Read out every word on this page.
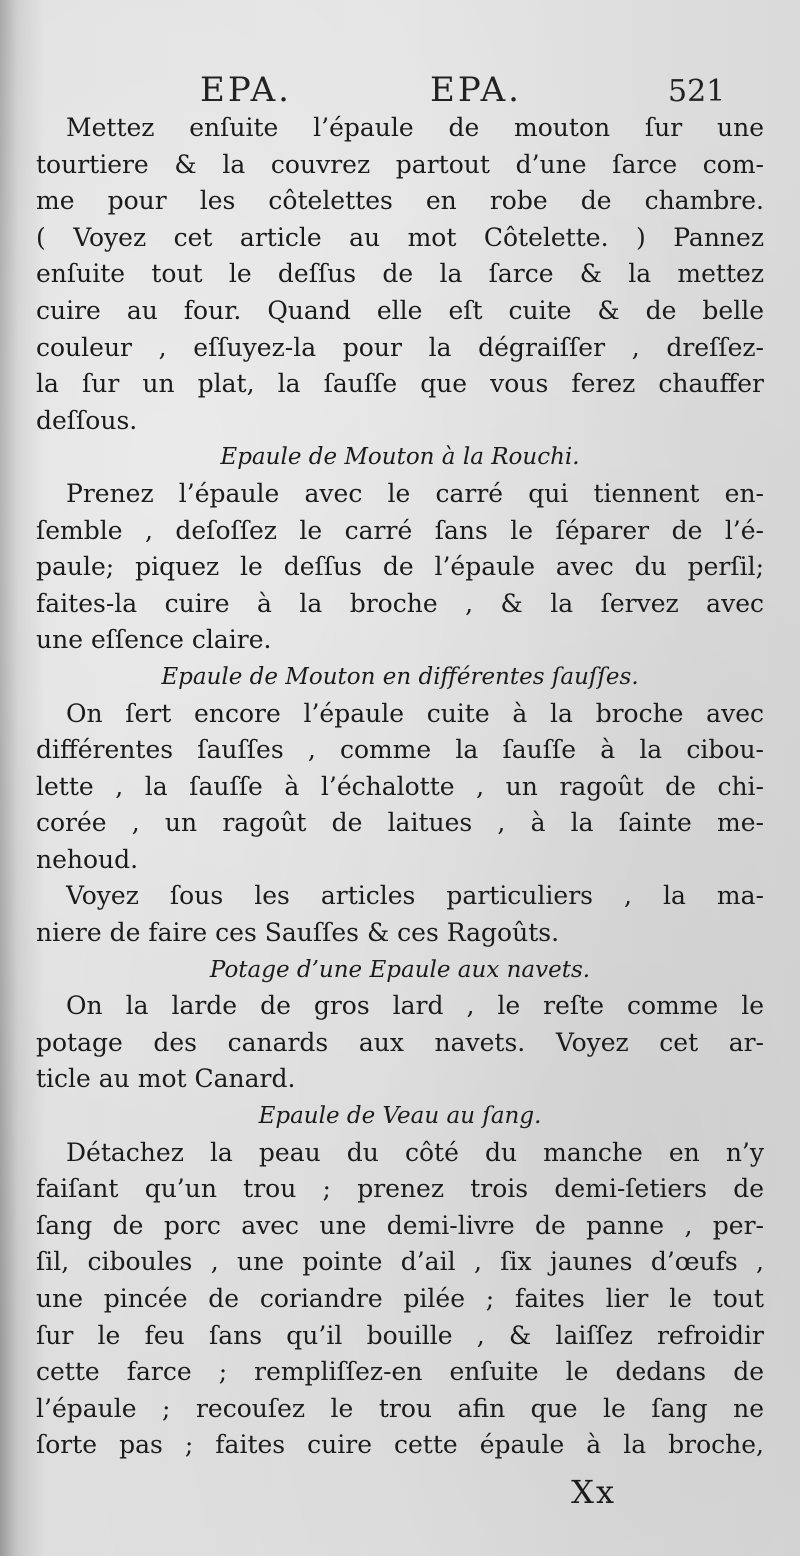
EPA.	EPA.	521
Mettez enſuite l’épaule de mouton ſur une
tourtiere & la couvrez partout d’une ſarce com-
me pour les côtelettes en robe de chambre.
( Voyez cet article au mot Côtelette. ) Pannez
enſuite tout le deſſus de la ſarce & la mettez
cuire au four. Quand elle eſt cuite & de belle
couleur , eſſuyez-la pour la dégraiſſer , dreſſez-
la ſur un plat, la ſauſſe que vous ferez chauffer
deſſous.
Epaule de Mouton à la Rouchi.
Prenez l’épaule avec le carré qui tiennent en-
ſemble , deſoſſez le carré ſans le ſéparer de l’é-
paule; piquez le deſſus de l’épaule avec du perſil;
faites-la cuire à la broche , & la ſervez avec
une eſſence claire.
Epaule de Mouton en différentes ſauſſes.
On ſert encore l’épaule cuite à la broche avec
différentes ſauſſes , comme la ſauſſe à la cibou-
lette , la ſauſſe à l’échalotte , un ragoût de chi-
corée , un ragoût de laitues , à la ſainte me-
nehoud.
Voyez ſous les articles particuliers , la ma-
niere de faire ces Sauſſes & ces Ragoûts.
Potage d’une Epaule aux navets.
On la larde de gros lard , le reſte comme le
potage des canards aux navets. Voyez cet ar-
ticle au mot Canard.
Epaule de Veau au ſang.
Détachez la peau du côté du manche en n’y
faiſant qu’un trou ; prenez trois demi-ſetiers de
ſang de porc avec une demi-livre de panne , per-
ſil, ciboules , une pointe d’ail , ſix jaunes d’œufs ,
une pincée de coriandre pilée ; faites lier le tout
ſur le feu ſans qu’il bouille , & laiſſez refroidir
cette farce ; rempliſſez-en enſuite le dedans de
l’épaule ; recouſez le trou afin que le ſang ne
ſorte pas ; faites cuire cette épaule à la broche,
Xx
